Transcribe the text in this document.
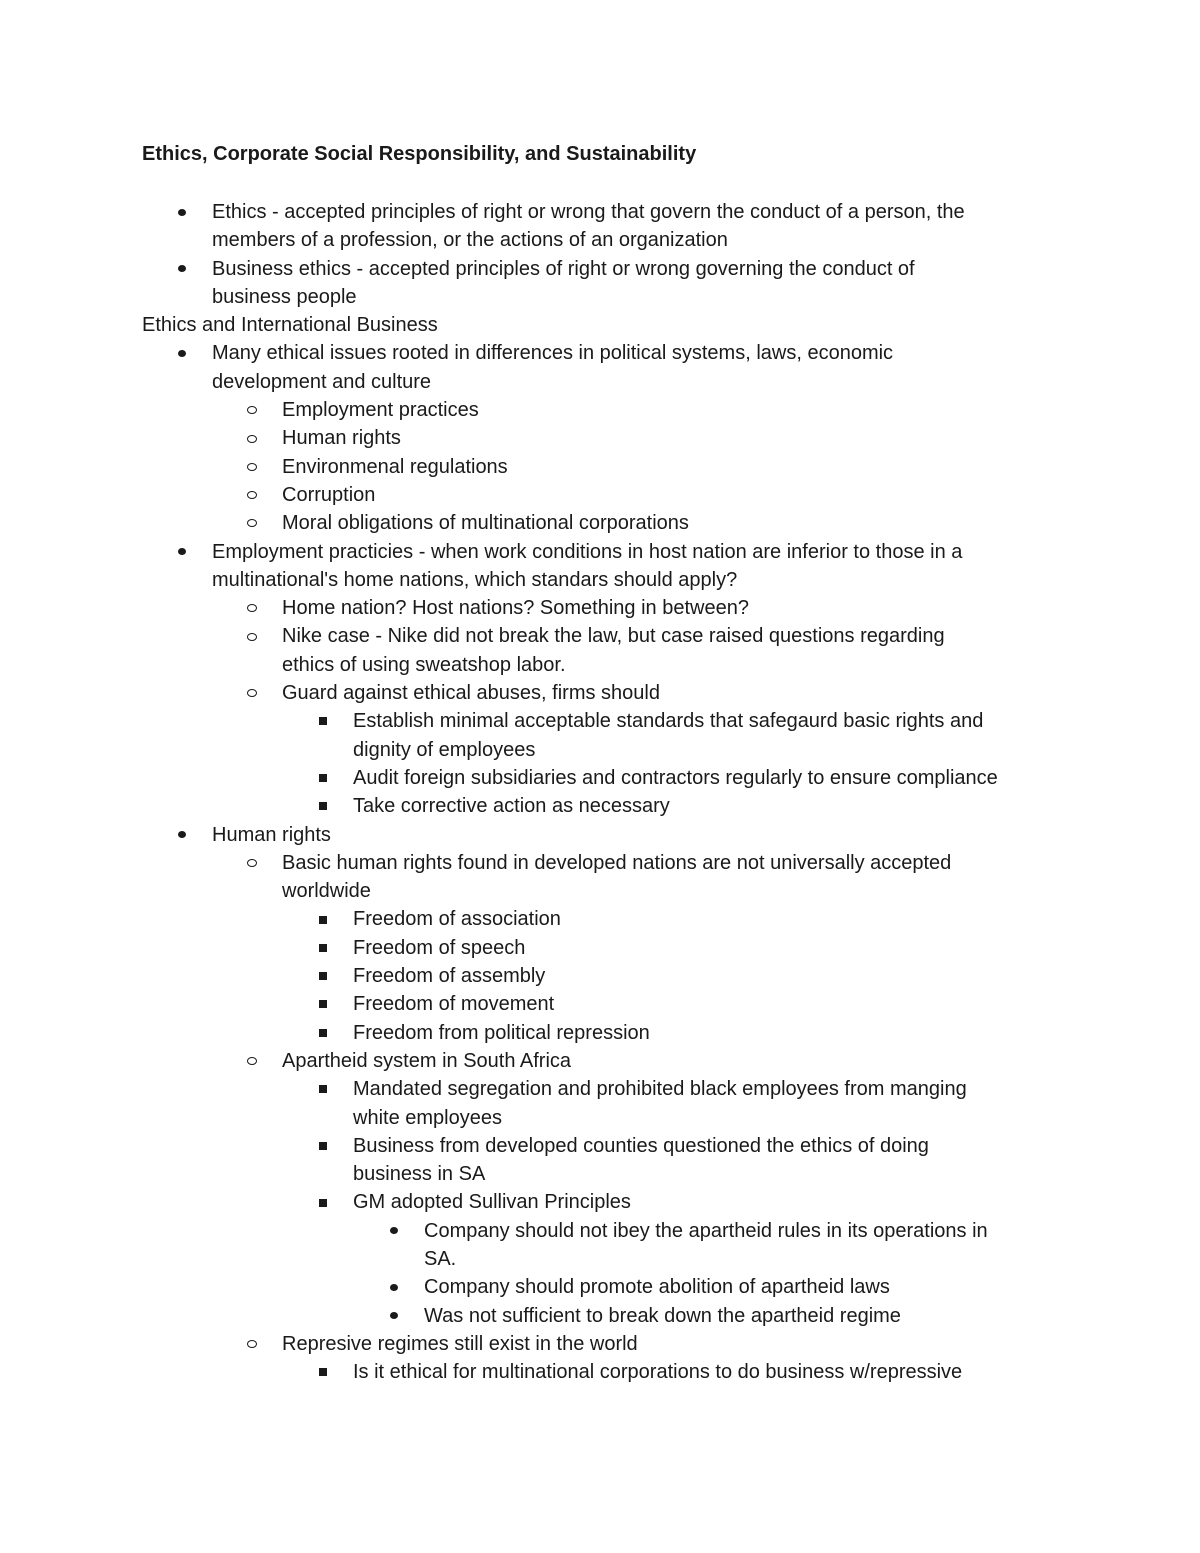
Ethics, Corporate Social Responsibility, and Sustainability
Ethics - accepted principles of right or wrong that govern the conduct of a person, the
members of a profession, or the actions of an organization
Business ethics - accepted principles of right or wrong governing the conduct of
business people
Ethics and International Business
Many ethical issues rooted in differences in political systems, laws, economic
development and culture
Employment practices
Human rights
Environmenal regulations
Corruption
Moral obligations of multinational corporations
Employment practicies - when work conditions in host nation are inferior to those in a
multinational's home nations, which standars should apply?
Home nation? Host nations? Something in between?
Nike case - Nike did not break the law, but case raised questions regarding
ethics of using sweatshop labor.
Guard against ethical abuses, firms should
Establish minimal acceptable standards that safegaurd basic rights and
dignity of employees
Audit foreign subsidiaries and contractors regularly to ensure compliance
Take corrective action as necessary
Human rights
Basic human rights found in developed nations are not universally accepted
worldwide
Freedom of association
Freedom of speech
Freedom of assembly
Freedom of movement
Freedom from political repression
Apartheid system in South Africa
Mandated segregation and prohibited black employees from manging
white employees
Business from developed counties questioned the ethics of doing
business in SA
GM adopted Sullivan Principles
Company should not ibey the apartheid rules in its operations in
SA.
Company should promote abolition of apartheid laws
Was not sufficient to break down the apartheid regime
Represive regimes still exist in the world
Is it ethical for multinational corporations to do business w/repressive
